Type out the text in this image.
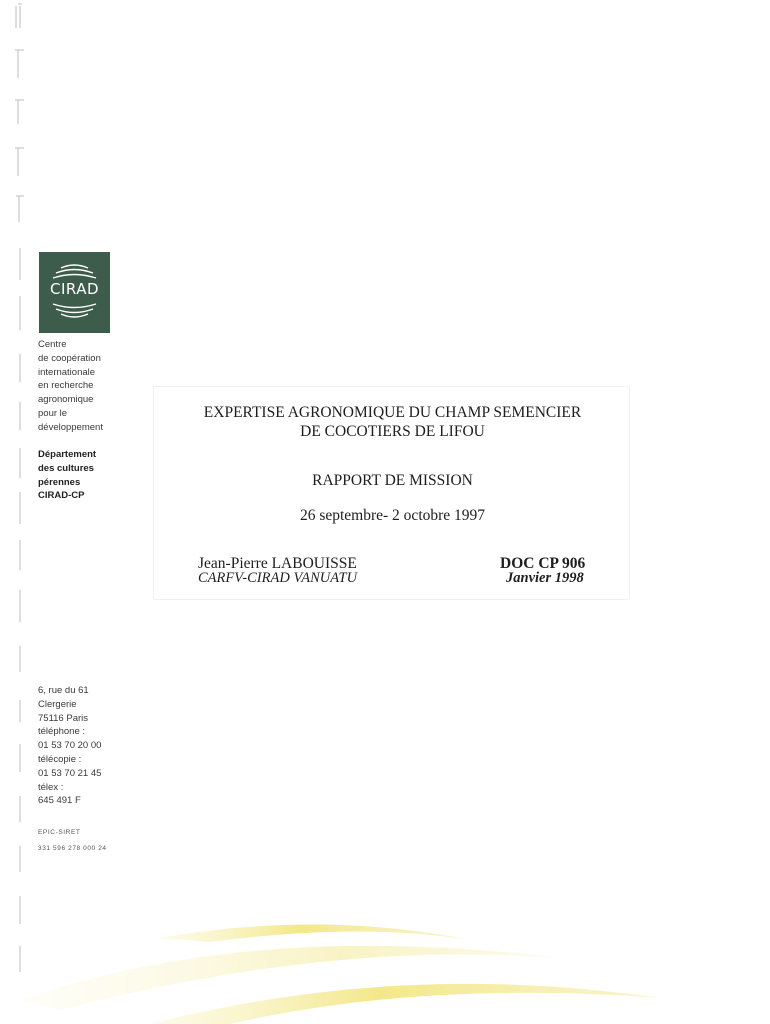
CIRAD
Centre
de coopération
internationale
en recherche
agronomique
pour le
développement
Département
des cultures
pérennes
CIRAD-CP
6, rue du 61
Clergerie
75116 Paris
téléphone :
01 53 70 20 00
télécopie :
01 53 70 21 45
télex :
645 491 F
EPIC-SIRET
331 596 278 000 24
EXPERTISE AGRONOMIQUE DU CHAMP SEMENCIER
DE COCOTIERS DE LIFOU
RAPPORT DE MISSION
26 septembre- 2 octobre 1997
Jean-Pierre LABOUISSE
CARFV-CIRAD VANUATU
DOC CP 906
Janvier 1998
